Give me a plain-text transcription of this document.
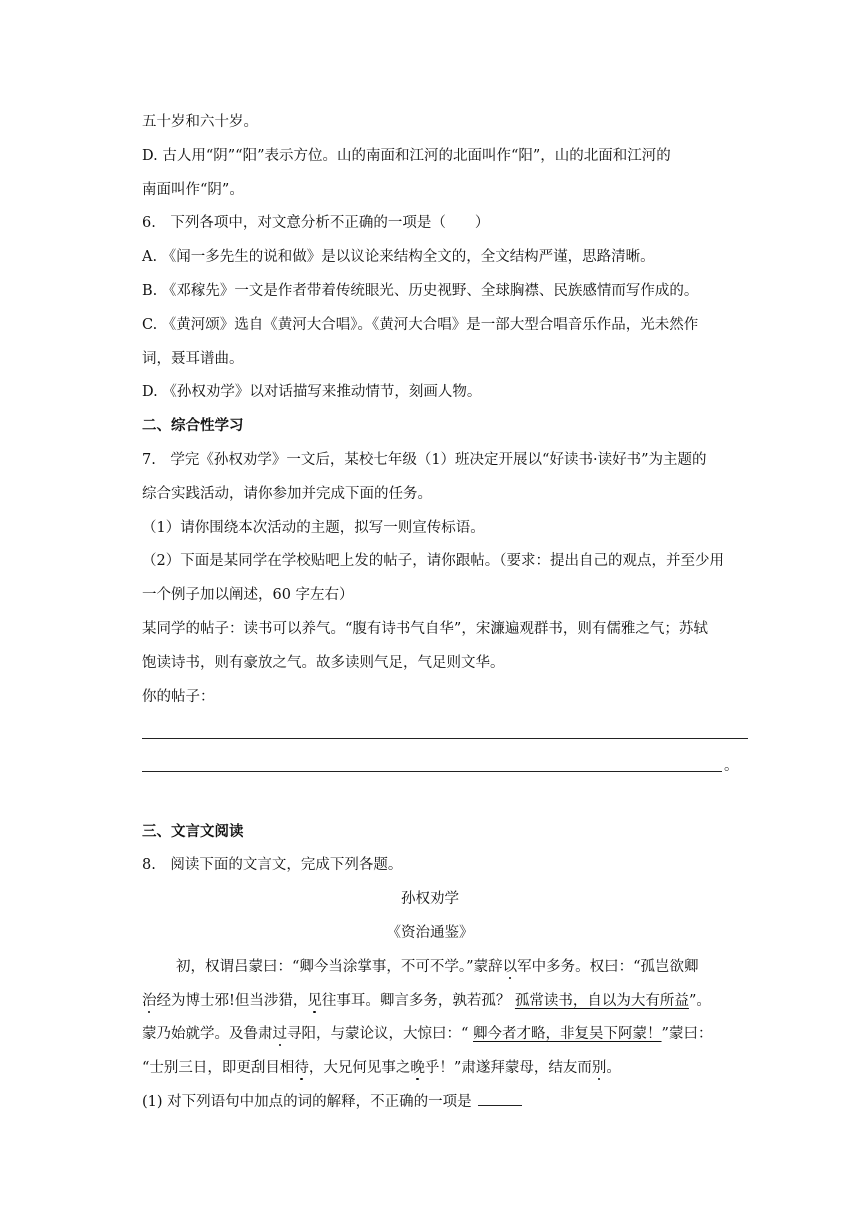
五十岁和六十岁。
D. 古人用“阴”“阳”表示方位。山的南面和江河的北面叫作“阳”，山的北面和江河的
南面叫作“阴”。
6.　下列各项中，对文意分析不正确的一项是（　　）
A. 《闻一多先生的说和做》是以议论来结构全文的，全文结构严谨，思路清晰。
B. 《邓稼先》一文是作者带着传统眼光、历史视野、全球胸襟、民族感情而写作成的。
C. 《黄河颂》选自《黄河大合唱》。《黄河大合唱》是一部大型合唱音乐作品，光未然作
词，聂耳谱曲。
D. 《孙权劝学》以对话描写来推动情节，刻画人物。
二、综合性学习
7.　学完《孙权劝学》一文后，某校七年级（1）班决定开展以“好读书·读好书”为主题的
综合实践活动，请你参加并完成下面的任务。
（1）请你围绕本次活动的主题，拟写一则宣传标语。
（2）下面是某同学在学校贴吧上发的帖子，请你跟帖。（要求：提出自己的观点，并至少用
一个例子加以阐述，60 字左右）
某同学的帖子：读书可以养气。“腹有诗书气自华”，宋濂遍观群书，则有儒雅之气；苏轼
饱读诗书，则有豪放之气。故多读则气足，气足则文华。
你的帖子：
。
三、文言文阅读
8.　阅读下面的文言文，完成下列各题。
孙权劝学
《资治通鉴》
初，权谓吕蒙曰：“卿今当涂掌事，不可不学。”蒙辞以军中多务。权曰：“孤岂欲卿
治经为博士邪!但当涉猎，见往事耳。卿言多务，孰若孤？ 孤常读书，自以为大有所益”。
蒙乃始就学。及鲁肃过寻阳，与蒙论议，大惊曰：“ 卿今者才略，非复吴下阿蒙！”蒙曰：
“士别三日，即更刮目相待，大兄何见事之晚乎！”肃遂拜蒙母，结友而别。
(1) 对下列语句中加点的词的解释，不正确的一项是
